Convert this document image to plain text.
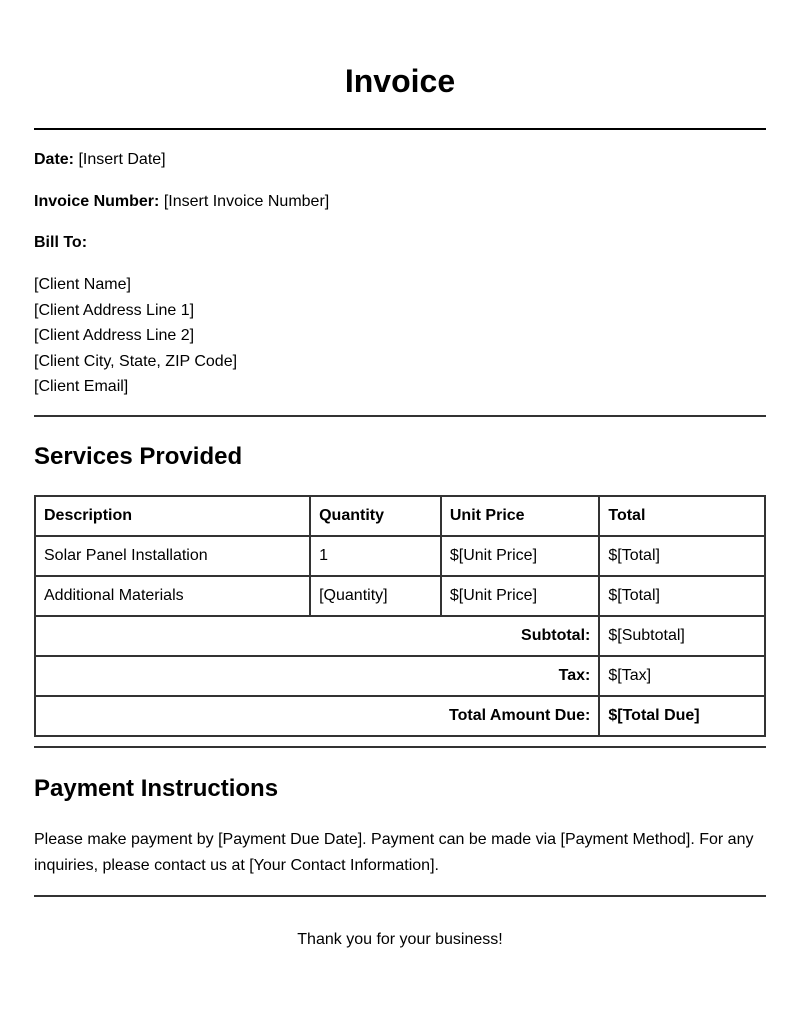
Invoice

Date: [Insert Date]

Invoice Number: [Insert Invoice Number]

Bill To:

[Client Name]
[Client Address Line 1]
[Client Address Line 2]
[Client City, State, ZIP Code]
[Client Email]
Services Provided
Description	Quantity	Unit Price	Total
Solar Panel Installation	1	$[Unit Price]	$[Total]
Additional Materials	[Quantity]	$[Unit Price]	$[Total]
Subtotal:			$[Subtotal]
Tax:			$[Tax]
Total Amount Due:			$[Total Due]
Payment Instructions

Please make payment by [Payment Due Date]. Payment can be made via [Payment Method]. For any inquiries, please contact us at [Your Contact Information].

Thank you for your business!
